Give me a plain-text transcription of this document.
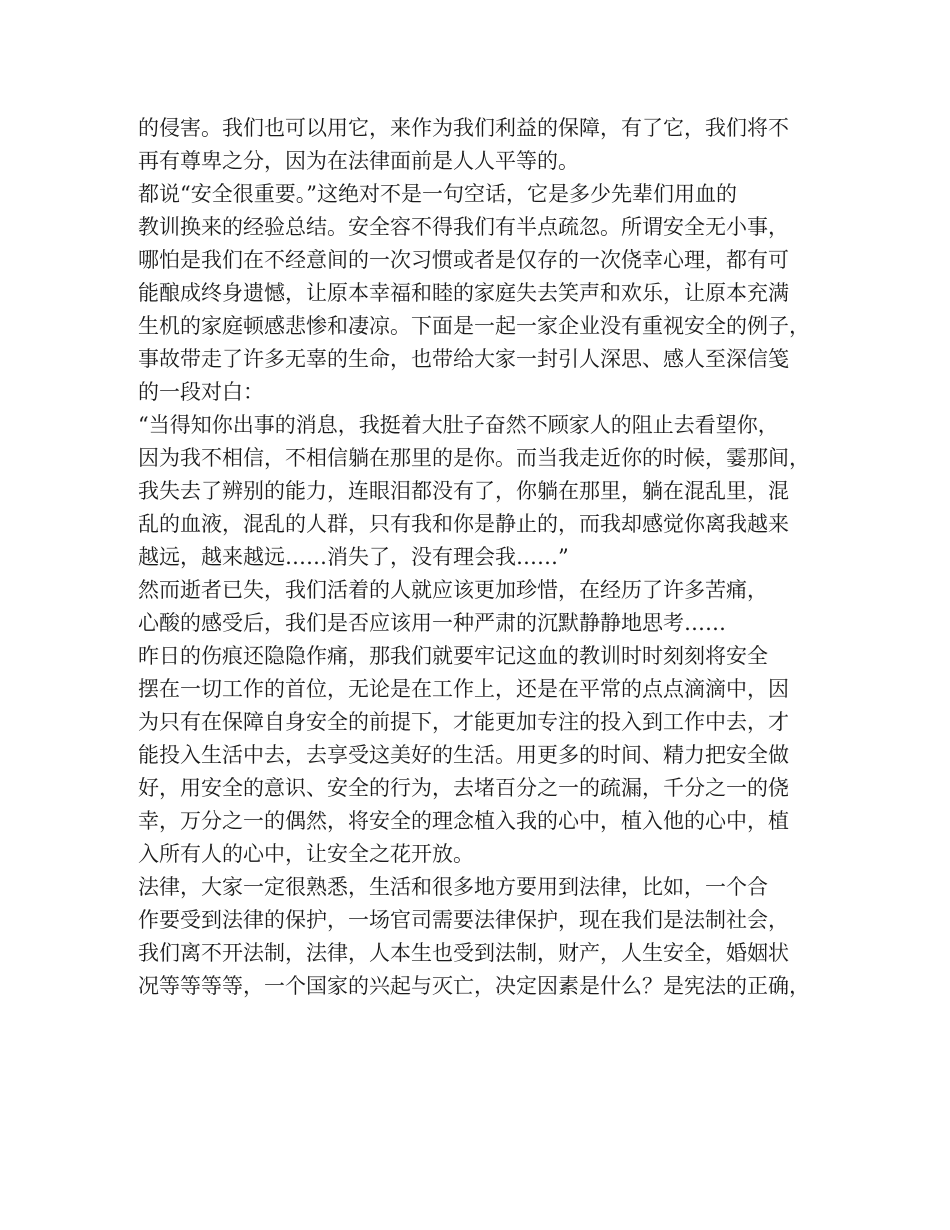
的侵害。我们也可以用它，来作为我们利益的保障，有了它，我们将不
再有尊卑之分，因为在法律面前是人人平等的。
都说“安全很重要。”这绝对不是一句空话，它是多少先辈们用血的
教训换来的经验总结。安全容不得我们有半点疏忽。所谓安全无小事，
哪怕是我们在不经意间的一次习惯或者是仅存的一次侥幸心理，都有可
能酿成终身遗憾，让原本幸福和睦的家庭失去笑声和欢乐，让原本充满
生机的家庭顿感悲惨和凄凉。下面是一起一家企业没有重视安全的例子，
事故带走了许多无辜的生命，也带给大家一封引人深思、感人至深信笺
的一段对白：
“当得知你出事的消息，我挺着大肚子奋然不顾家人的阻止去看望你，
因为我不相信，不相信躺在那里的是你。而当我走近你的时候，霎那间，
我失去了辨别的能力，连眼泪都没有了，你躺在那里，躺在混乱里，混
乱的血液，混乱的人群，只有我和你是静止的，而我却感觉你离我越来
越远，越来越远……消失了，没有理会我……”
然而逝者已失，我们活着的人就应该更加珍惜，在经历了许多苦痛，
心酸的感受后，我们是否应该用一种严肃的沉默静静地思考……
昨日的伤痕还隐隐作痛，那我们就要牢记这血的教训时时刻刻将安全
摆在一切工作的首位，无论是在工作上，还是在平常的点点滴滴中，因
为只有在保障自身安全的前提下，才能更加专注的投入到工作中去，才
能投入生活中去，去享受这美好的生活。用更多的时间、精力把安全做
好，用安全的意识、安全的行为，去堵百分之一的疏漏，千分之一的侥
幸，万分之一的偶然，将安全的理念植入我的心中，植入他的心中，植
入所有人的心中，让安全之花开放。
法律，大家一定很熟悉，生活和很多地方要用到法律，比如，一个合
作要受到法律的保护，一场官司需要法律保护，现在我们是法制社会，
我们离不开法制，法律，人本生也受到法制，财产，人生安全，婚姻状
况等等等等，一个国家的兴起与灭亡，决定因素是什么？是宪法的正确，
